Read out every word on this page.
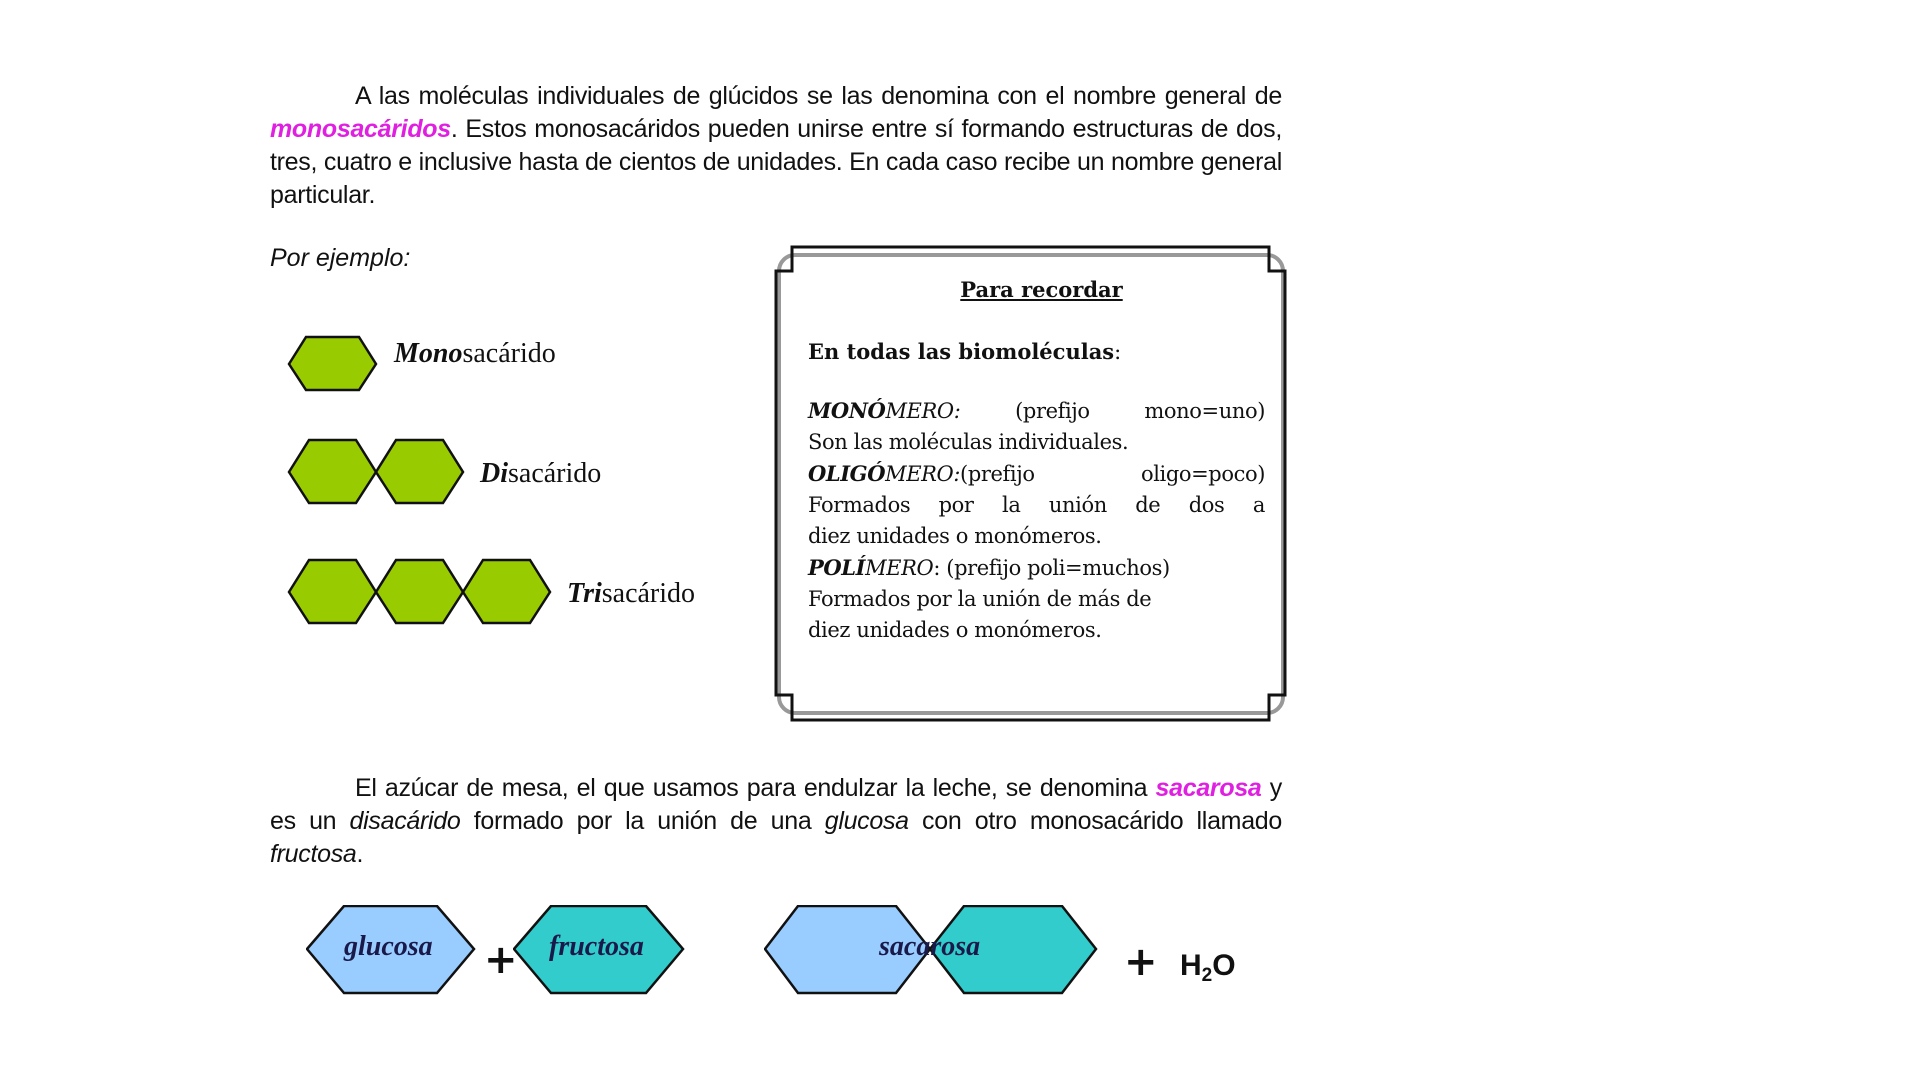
A las moléculas individuales de glúcidos se las denomina con el nombre general de monosacáridos. Estos monosacáridos pueden unirse entre sí formando estructuras de dos, tres, cuatro e inclusive hasta de cientos de unidades. En cada caso recibe un nombre general particular.

Por ejemplo:
Monosacárido
Disacárido
Trisacárido
Para recordar
En todas las biomoléculas:
MONÓMERO:	(prefijo mono=uno)
Son las moléculas individuales.
OLIGÓMERO:(prefijo oligo=poco)
Formados por la unión de dos a
diez unidades o monómeros.
POLÍMERO: (prefijo poli=muchos)
Formados por la unión de más de
diez unidades o monómeros.

El azúcar de mesa, el que usamos para endulzar la leche, se denomina sacarosa y es un disacárido formado por la unión de una glucosa con otro monosacárido llamado fructosa.

glucosa + fructosa	sacarosa	+ $H_2O$
